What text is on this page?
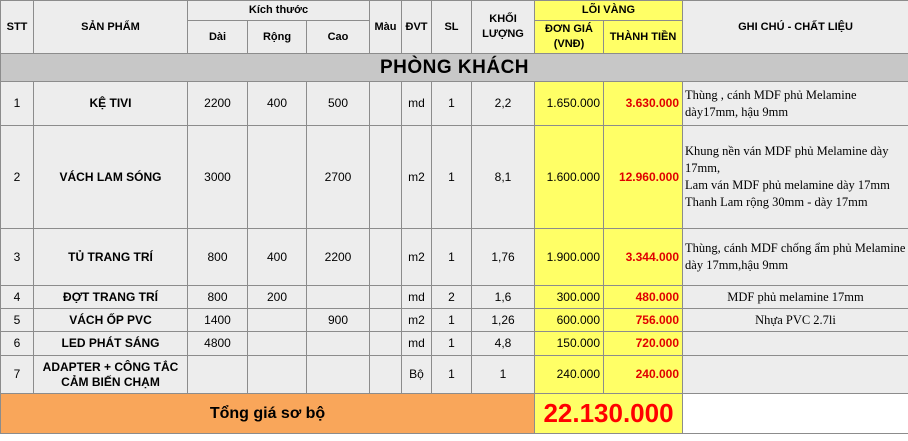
STT	SẢN PHẨM	Kích thước			Màu	ĐVT	SL	KHỐI LƯỢNG	LÕI VÀNG		GHI CHÚ - CHẤT LIỆU
		Dài	Rộng	Cao					ĐƠN GIÁ (VNĐ)	THÀNH TIỀN	
PHÒNG KHÁCH											
1	KỆ TIVI	2200	400	500		md	1	2,2	1.650.000	3.630.000	Thùng , cánh MDF phủ Melamine dày17mm, hậu 9mm
2	VÁCH LAM SÓNG	3000		2700		m2	1	8,1	1.600.000	12.960.000	Khung nền ván MDF phủ Melamine dày 17mm,
Lam ván MDF phủ melamine dày 17mm
Thanh Lam rộng 30mm - dày 17mm

3	TỦ TRANG TRÍ	800	400	2200		m2	1	1,76	1.900.000	3.344.000	Thùng, cánh MDF chống ẩm phủ Melamine
dày 17mm,hậu 9mm

4	ĐỢT TRANG TRÍ	800	200			md	2	1,6	300.000	480.000	MDF phủ melamine 17mm
5	VÁCH ỐP PVC	1400		900		m2	1	1,26	600.000	756.000	Nhựa PVC 2.7li
6	LED PHÁT SÁNG	4800				md	1	4,8	150.000	720.000	
7	ADAPTER + CÔNG TẮC CẢM BIẾN CHẠM					Bộ	1	1	240.000	240.000	
Tổng giá sơ bộ									22.130.000		
